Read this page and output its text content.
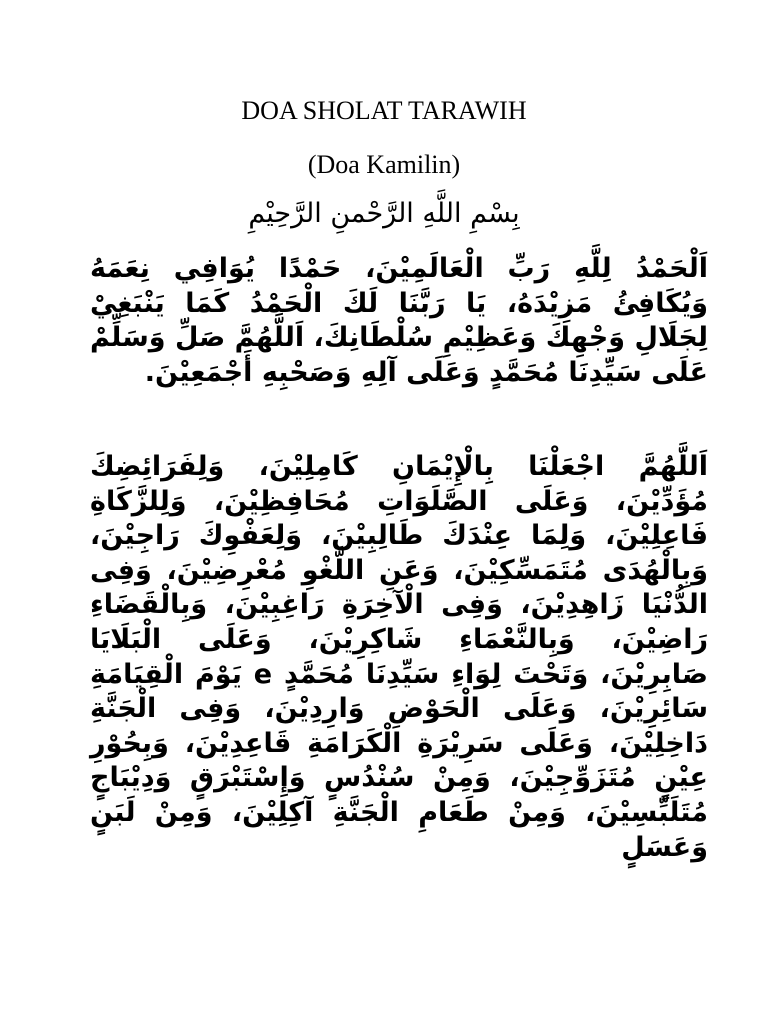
DOA SHOLAT TARAWIH
(Doa Kamilin)

بِسْمِ اللَّهِ الرَّحْمنِ الرَّحِيْمِ

اَلْحَمْدُ لِلَّهِ رَبِّ الْعَالَمِيْنَ، حَمْدًا يُوَافِي نِعَمَهُ وَيُكَافِئُ مَزِيْدَهُ، يَا رَبَّنَا لَكَ الْحَمْدُ كَمَا يَنْبَغِيْ لِجَلَالِ وَجْهِكَ وَعَظِيْمِ سُلْطَانِكَ، اَللَّهُمَّ صَلِّ وَسَلِّمْ عَلَى سَيِّدِنَا مُحَمَّدٍ وَعَلَى آلِهِ وَصَحْبِهِ أَجْمَعِيْنَ.

اَللَّهُمَّ اجْعَلْنَا بِالْإِيْمَانِ كَامِلِيْنَ، وَلِفَرَائِضِكَ مُؤَدِّيْنَ، وَعَلَى الصَّلَوَاتِ مُحَافِظِيْنَ، وَلِلزَّكَاةِ فَاعِلِيْنَ، وَلِمَا عِنْدَكَ طَالِبِيْنَ، وَلِعَفْوِكَ رَاجِيْنَ، وَبِالْهُدَى مُتَمَسِّكِيْنَ، وَعَنِ اللَّغْوِ مُعْرِضِيْنَ، وَفِى الدُّنْيَا زَاهِدِيْنَ، وَفِى الْآخِرَةِ رَاغِبِيْنَ، وَبِالْقَضَاءِ رَاضِيْنَ، وَبِالنَّعْمَاءِ شَاكِرِيْنَ، وَعَلَى الْبَلَايَا صَابِرِيْنَ، وَتَحْتَ لِوَاءِ سَيِّدِنَا مُحَمَّدٍ e يَوْمَ الْقِيَامَةِ سَائِرِيْنَ، وَعَلَى الْحَوْضِ وَارِدِيْنَ، وَفِى الْجَنَّةِ دَاخِلِيْنَ، وَعَلَى سَرِيْرَةِ الْكَرَامَةِ قَاعِدِيْنَ، وَبِحُوْرِ عِيْنٍ مُتَزَوِّجِيْنَ، وَمِنْ سُنْدُسٍ وَإِسْتَبْرَقٍ وَدِيْبَاجٍ مُتَلَبِّسِيْنَ، وَمِنْ طَعَامِ الْجَنَّةِ آكِلِيْنَ، وَمِنْ لَبَنٍ وَعَسَلٍ
